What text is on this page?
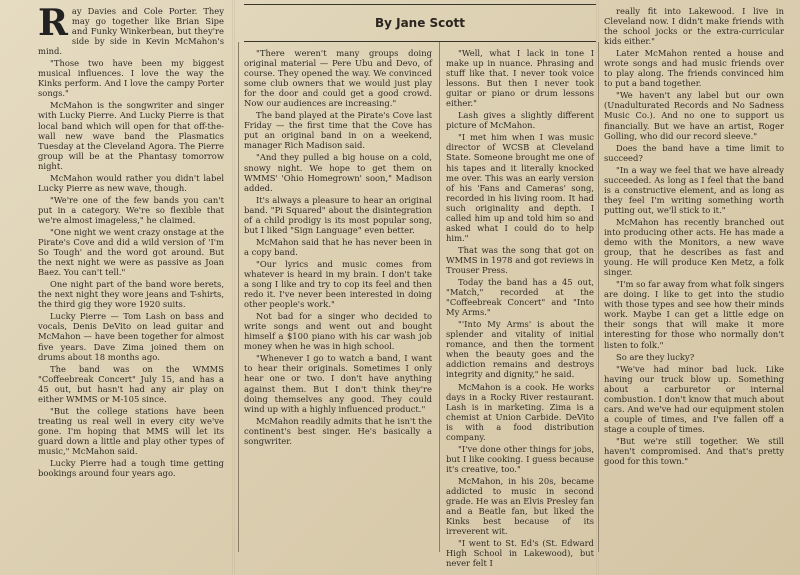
By Jane Scott

Ray Davies and Cole Porter. They may go together like Brian Sipe and Funky Winkerbean, but they're side by side in Kevin McMahon's mind.

"Those two have been my biggest musical influences. I love the way the Kinks perform. And I love the campy Porter songs."

McMahon is the songwriter and singer with Lucky Pierre. And Lucky Pierre is that local band which will open for that off-the-wall new wave band the Plasmatics Tuesday at the Cleveland Agora. The Pierre group will be at the Phantasy tomorrow night.

McMahon would rather you didn't label Lucky Pierre as new wave, though.

"We're one of the few bands you can't put in a category. We're so flexible that we're almost imageless," he claimed.

"One night we went crazy onstage at the Pirate's Cove and did a wild version of 'I'm So Tough' and the word got around. But the next night we were as passive as Joan Baez. You can't tell."

One night part of the band wore berets, the next night they wore jeans and T-shirts, the third gig they wore 1920 suits.

Lucky Pierre — Tom Lash on bass and vocals, Denis DeVito on lead guitar and McMahon — have been together for almost five years. Dave Zima joined them on drums about 18 months ago.

The band was on the WMMS "Coffeebreak Concert" July 15, and has a 45 out, but hasn't had any air play on either WMMS or M-105 since.

"But the college stations have been treating us real well in every city we've gone. I'm hoping that MMS will let its guard down a little and play other types of music," McMahon said.

Lucky Pierre had a tough time getting bookings around four years ago.

"There weren't many groups doing original material — Pere Ubu and Devo, of course. They opened the way. We convinced some club owners that we would just play for the door and could get a good crowd. Now our audiences are increasing."

The band played at the Pirate's Cove last Friday — the first time that the Cove has put an original band in on a weekend, manager Rich Madison said.

"And they pulled a big house on a cold, snowy night. We hope to get them on WMMS' 'Ohio Homegrown' soon," Madison added.

It's always a pleasure to hear an original band. "Pi Squared" about the disintegration of a child prodigy is its most popular song, but I liked "Sign Language" even better.

McMahon said that he has never been in a copy band.

"Our lyrics and music comes from whatever is heard in my brain. I don't take a song I like and try to cop its feel and then redo it. I've never been interested in doing other people's work."

Not bad for a singer who decided to write songs and went out and bought himself a $100 piano with his car wash job money when he was in high school.

"Whenever I go to watch a band, I want to hear their originals. Sometimes I only hear one or two. I don't have anything against them. But I don't think they're doing themselves any good. They could wind up with a highly influenced product."

McMahon readily admits that he isn't the continent's best singer. He's basically a songwriter.

"Well, what I lack in tone I make up in nuance. Phrasing and stuff like that. I never took voice lessons. But then I never took guitar or piano or drum lessons either."

Lash gives a slightly different picture of McMahon.

"I met him when I was music director of WCSB at Cleveland State. Someone brought me one of his tapes and it literally knocked me over. This was an early version of his 'Fans and Cameras' song, recorded in his living room. It had such originality and depth. I called him up and told him so and asked what I could do to help him."

That was the song that got on WMMS in 1978 and got reviews in Trouser Press.

Today the band has a 45 out, "Match," recorded at the "Coffeebreak Concert" and "Into My Arms."

"'Into My Arms' is about the splender and vitality of initial romance, and then the torment when the beauty goes and the addiction remains and destroys integrity and dignity," he said.

McMahon is a cook. He works days in a Rocky River restaurant. Lash is in marketing. Zima is a chemist at Union Carbide. DeVito is with a food distribution company.

"I've done other things for jobs, but I like cooking. I guess because it's creative, too."

McMahon, in his 20s, became addicted to music in second grade. He was an Elvis Presley fan and a Beatle fan, but liked the Kinks best because of its irreverent wit.

"I went to St. Ed's (St. Edward High School in Lakewood), but never felt I

really fit into Lakewood. I live in Cleveland now. I didn't make friends with the school jocks or the extra-curricular kids either."

Later McMahon rented a house and wrote songs and had music friends over to play along. The friends convinced him to put a band together.

"We haven't any label but our own (Unadulturated Records and No Sadness Music Co.). And no one to support us financially. But we have an artist, Roger Golling, who did our record sleeve."

Does the band have a time limit to succeed?

"In a way we feel that we have already succeeded. As long as I feel that the band is a constructive element, and as long as they feel I'm writing something worth putting out, we'll stick to it."

McMahon has recently branched out into producing other acts. He has made a demo with the Monitors, a new wave group, that he describes as fast and young. He will produce Ken Metz, a folk singer.

"I'm so far away from what folk singers are doing. I like to get into the studio with those types and see how their minds work. Maybe I can get a little edge on their songs that will make it more interesting for those who normally don't listen to folk."

So are they lucky?

"We've had minor bad luck. Like having our truck blow up. Something about a carburetor or internal combustion. I don't know that much about cars. And we've had our equipment stolen a couple of times, and I've fallen off a stage a couple of times.

"But we're still together. We still haven't compromised. And that's pretty good for this town."
